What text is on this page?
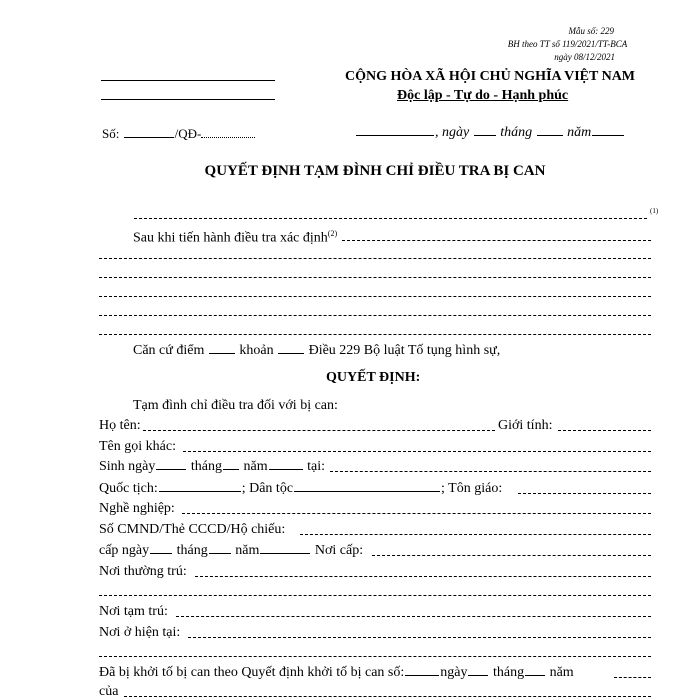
Mẫu số: 229
BH theo TT số 119/2021/TT-BCA
ngày 08/12/2021
CỘNG HÒA XÃ HỘI CHỦ NGHĨA VIỆT NAM
Độc lập - Tự do - Hạnh phúc
Số:	/QĐ-	, ngày tháng	năm
QUYẾT ĐỊNH TẠM ĐÌNH CHỈ ĐIỀU TRA BỊ CAN
(1)
Sau khi tiến hành điều tra xác định$^{(2)}$
Căn cứ điểm	khoản	Điều 229 Bộ luật Tố tụng hình sự,
QUYẾT ĐỊNH:
Tạm đình chỉ điều tra đối với bị can:
Họ tên:	Giới tính:
Tên gọi khác:
Sinh ngày	tháng năm	tại:
Quốc tịch:	; Dân tộc	; Tôn giáo:
Nghề nghiệp:
Số CMND/Thẻ CCCD/Hộ chiếu:
cấp ngày tháng năm	Nơi cấp:
Nơi thường trú:
Nơi tạm trú:
Nơi ở hiện tại:
Đã bị khởi tố bị can theo Quyết định khởi tố bị can số:	ngày tháng năm
của
